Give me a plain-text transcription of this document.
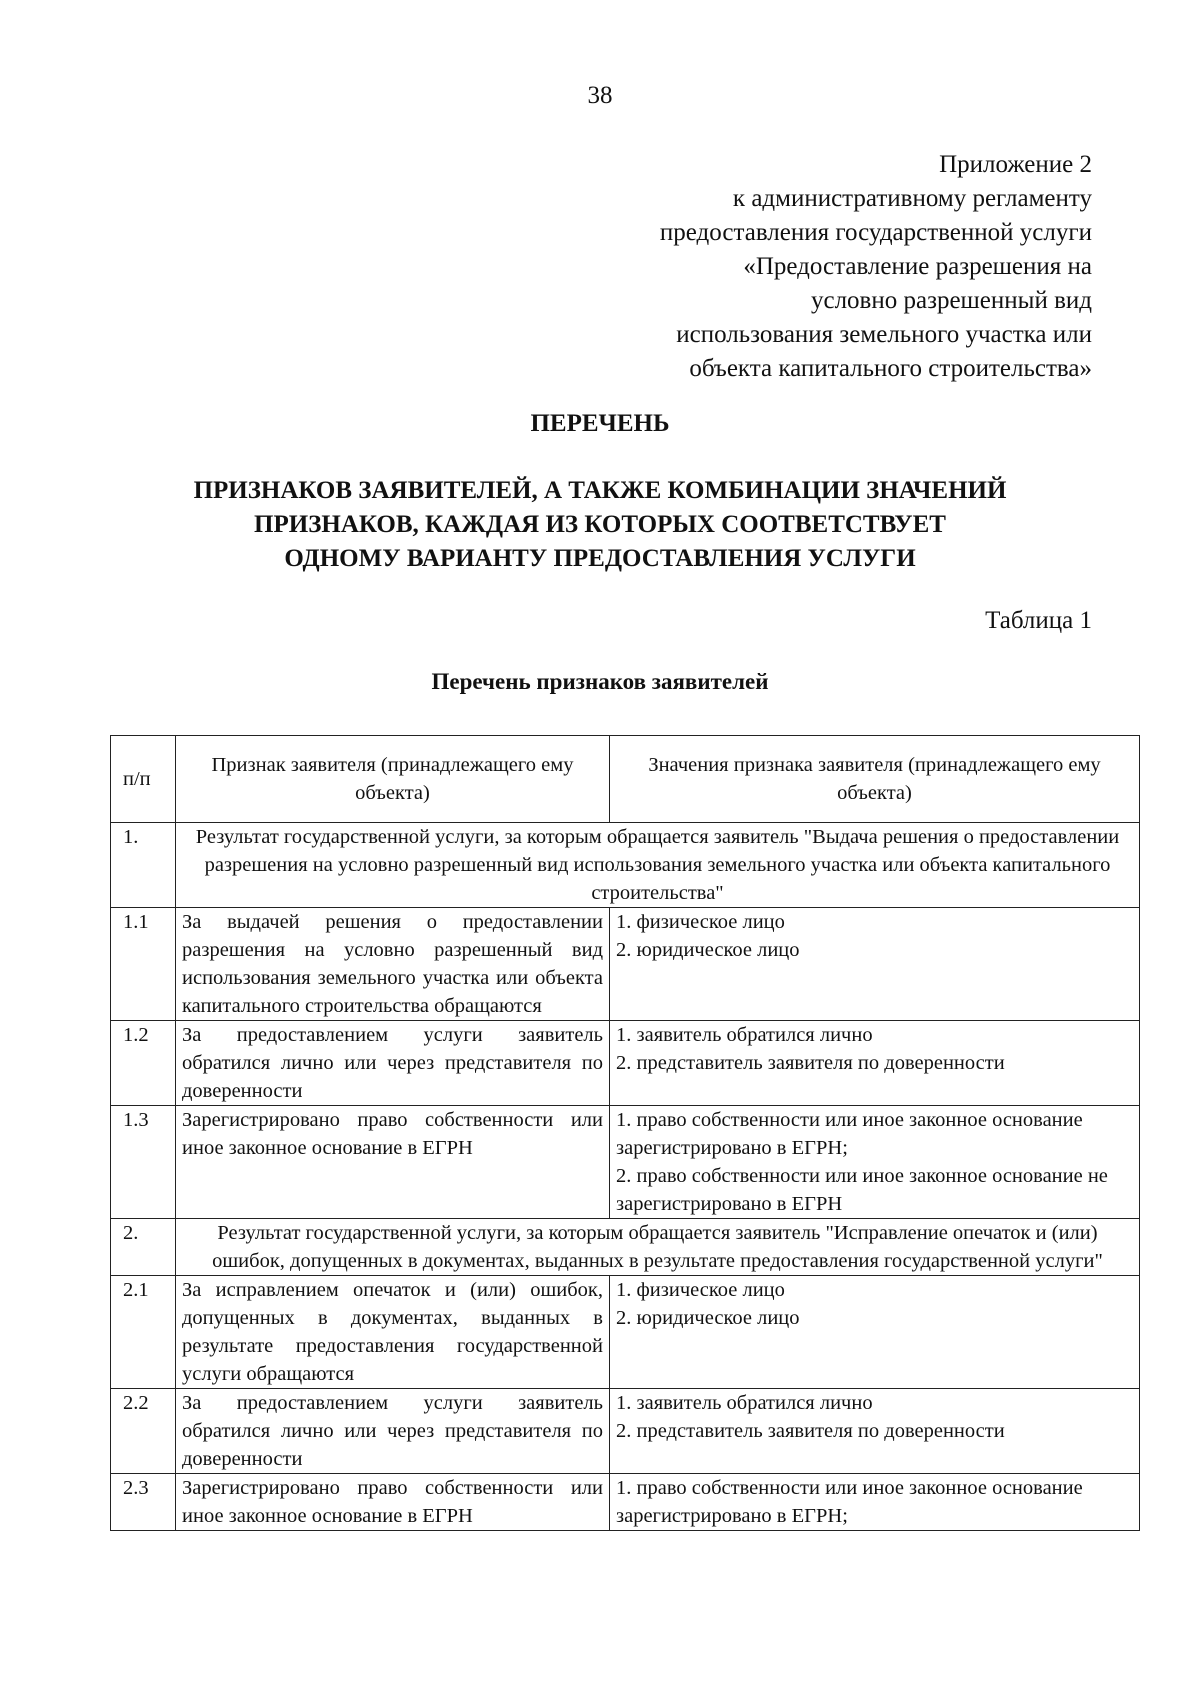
38
Приложение 2
к административному регламенту
предоставления государственной услуги
«Предоставление разрешения на
условно разрешенный вид
использования земельного участка или
объекта капитального строительства»
ПЕРЕЧЕНЬ
ПРИЗНАКОВ ЗАЯВИТЕЛЕЙ, А ТАКЖЕ КОМБИНАЦИИ ЗНАЧЕНИЙ
ПРИЗНАКОВ, КАЖДАЯ ИЗ КОТОРЫХ СООТВЕТСТВУЕТ
ОДНОМУ ВАРИАНТУ ПРЕДОСТАВЛЕНИЯ УСЛУГИ
Таблица 1
Перечень признаков заявителей
п/п	Признак заявителя (принадлежащего ему объекта)	Значения признака заявителя (принадлежащего ему объекта)
1.	Результат государственной услуги, за которым обращается заявитель "Выдача решения о предоставлении разрешения на условно разрешенный вид использования земельного участка или объекта капитального строительства"	
1.1	За выдачей решения о предоставлении разрешения на условно разрешенный вид использования земельного участка или объекта капитального строительства обращаются	1. физическое лицо
2. юридическое лицо

1.2	За предоставлением услуги заявитель обратился лично или через представителя по доверенности	1. заявитель обратился лично
2. представитель заявителя по доверенности

1.3	Зарегистрировано право собственности или иное законное основание в ЕГРН	1. право собственности или иное законное основание зарегистрировано в ЕГРН;
2. право собственности или иное законное основание не зарегистрировано в ЕГРН

2.	Результат государственной услуги, за которым обращается заявитель "Исправление опечаток и (или) ошибок, допущенных в документах, выданных в результате предоставления государственной услуги"	
2.1	За исправлением опечаток и (или) ошибок, допущенных в документах, выданных в результате предоставления государственной услуги обращаются	1. физическое лицо
2. юридическое лицо

2.2	За предоставлением услуги заявитель обратился лично или через представителя по доверенности	1. заявитель обратился лично
2. представитель заявителя по доверенности

2.3	Зарегистрировано право собственности или иное законное основание в ЕГРН	1. право собственности или иное законное основание зарегистрировано в ЕГРН;
